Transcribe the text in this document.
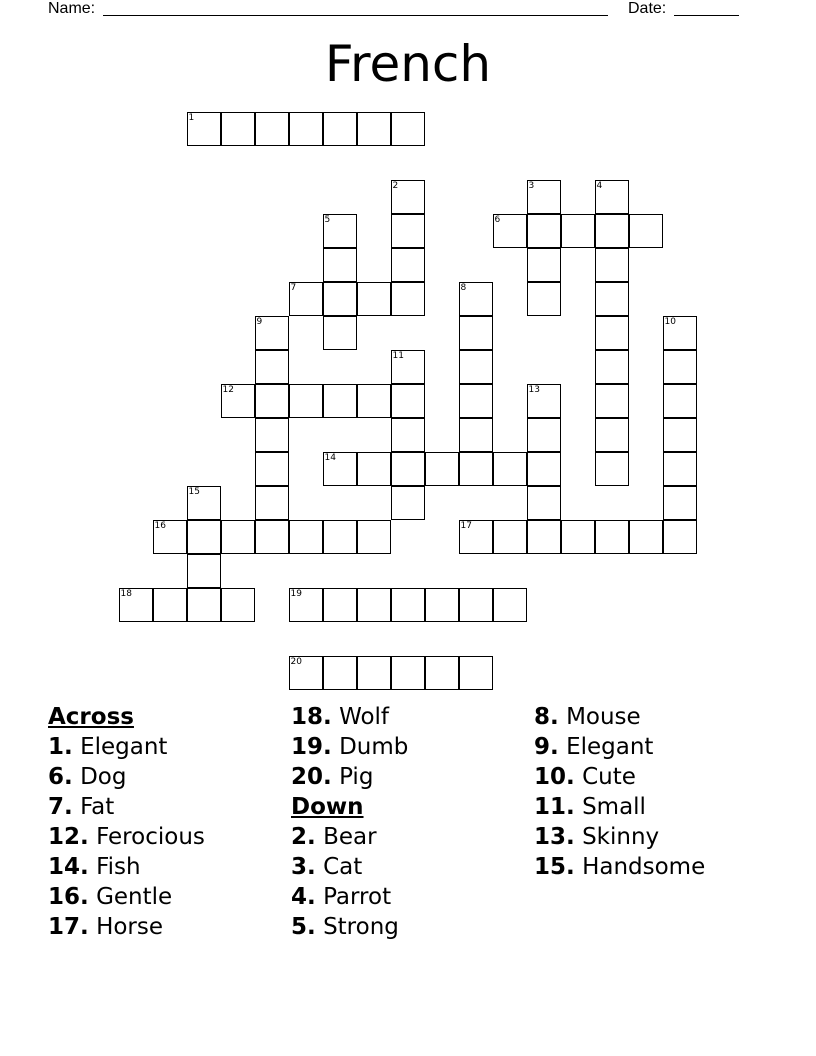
Name:	Date:
French
1
2	3	4
5	6
7	8
9	10
11
12	13
14
15
16	17
18	19
20
Across
1. Elegant
6. Dog
7. Fat
12. Ferocious
14. Fish
16. Gentle
17. Horse
18. Wolf
19. Dumb
20. Pig
Down
2. Bear
3. Cat
4. Parrot
5. Strong
8. Mouse
9. Elegant
10. Cute
11. Small
13. Skinny
15. Handsome
